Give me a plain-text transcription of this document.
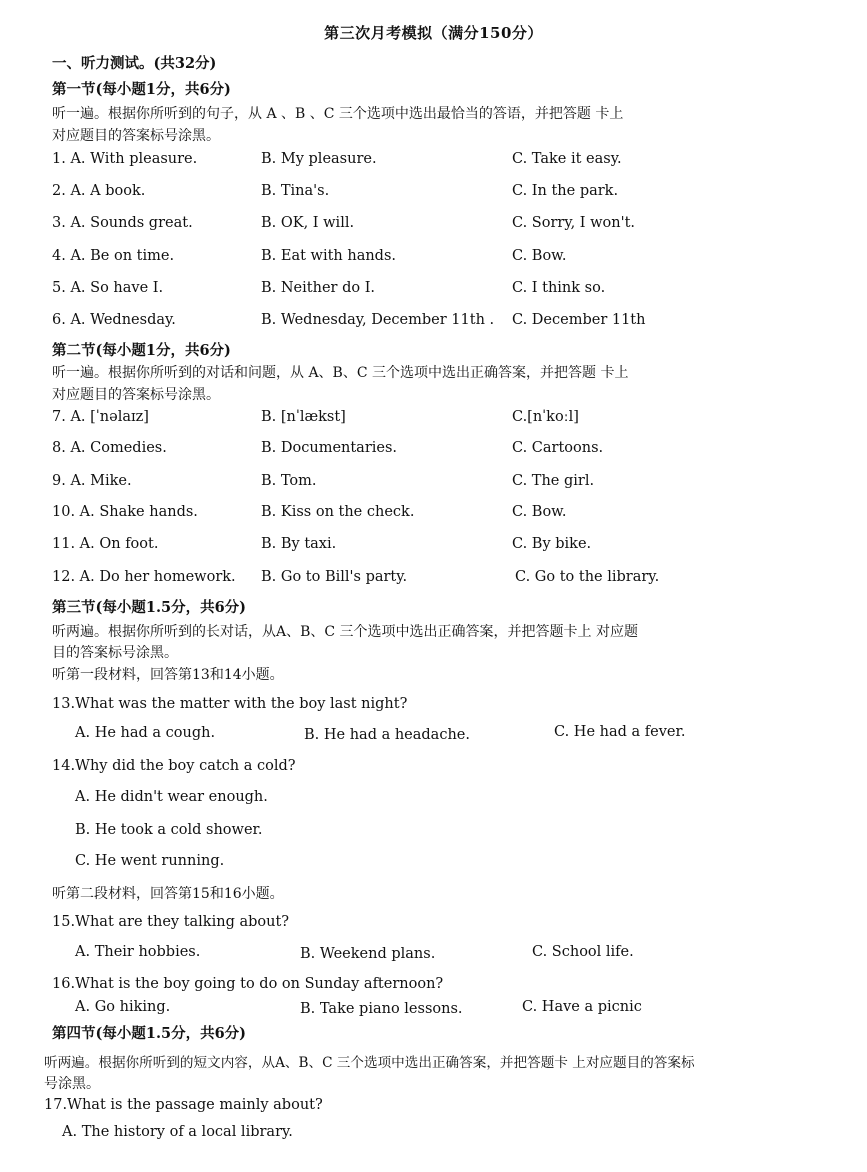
第三次月考模拟（满分150分）
一、听力测试。(共32分)
第一节(每小题1分，共6分)
听一遍。根据你所听到的句子，从 A 、B 、C 三个选项中选出最恰当的答语，并把答题 卡上
对应题目的答案标号涂黑。
1. A. With pleasure.	B. My pleasure.	C. Take it easy.
2. A. A book.	B. Tina's.	C. In the park.
3. A. Sounds great.	B. OK, I will.	C. Sorry, I won't.
4. A. Be on time.	B. Eat with hands.	C. Bow.
5. A. So have I.	B. Neither do I.	C. I think so.
6. A. Wednesday.	B. Wednesday, December 11th . C. December 11th
第二节(每小题1分，共6分)
听一遍。根据你所听到的对话和问题，从 A、B、C 三个选项中选出正确答案，并把答题 卡上
对应题目的答案标号涂黑。
7. A. [ˈnəlaɪz]	B. [nˈlækst]	C.[nˈkoːl]
8. A. Comedies.	B. Documentaries.	C. Cartoons.
9. A. Mike.	B. Tom.	C. The girl.
10. A. Shake hands.	B. Kiss on the check.	C. Bow.
11. A. On foot.	B. By taxi.	C. By bike.
12. A. Do her homework. B. Go to Bill's party.	C. Go to the library.
第三节(每小题1.5分，共6分)
听两遍。根据你所听到的长对话，从A、B、C 三个选项中选出正确答案，并把答题卡上 对应题
目的答案标号涂黑。
听第一段材料，回答第13和14小题。
13.What was the matter with the boy last night?
A. He had a cough.	B. He had a headache.	C. He had a fever.
14.Why did the boy catch a cold?
A. He didn't wear enough.
B. He took a cold shower.
C. He went running.
听第二段材料，回答第15和16小题。
15.What are they talking about?
A. Their hobbies.	B. Weekend plans.	C. School life.
16.What is the boy going to do on Sunday afternoon?
A. Go hiking.	B. Take piano lessons.	C. Have a picnic
第四节(每小题1.5分，共6分)
听两遍。根据你所听到的短文内容，从A、B、C 三个选项中选出正确答案，并把答题卡 上对应题目的答案标
号涂黑。
17.What is the passage mainly about?
A. The history of a local library.
